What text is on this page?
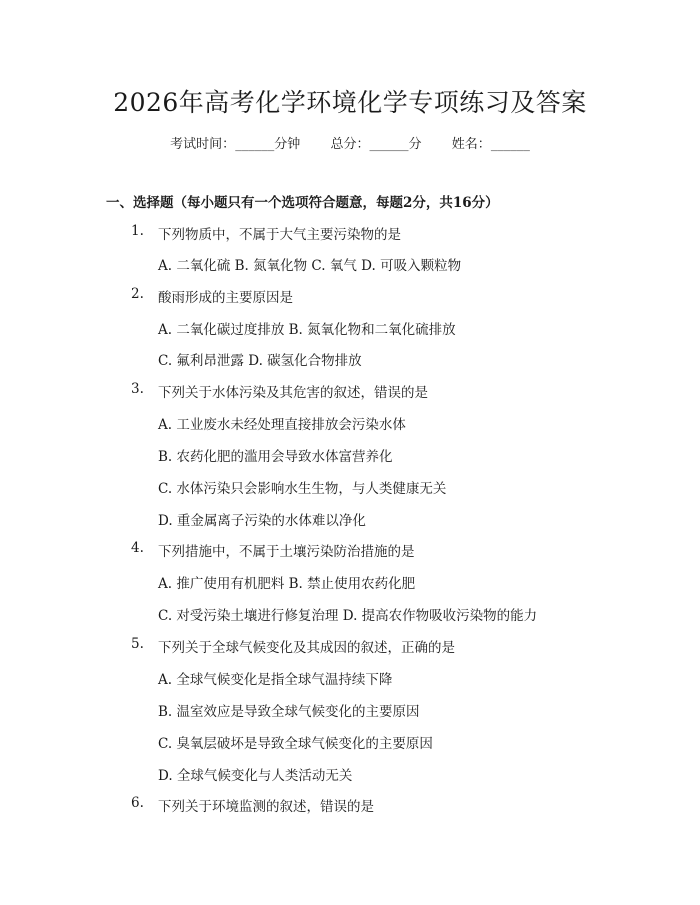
2026年高考化学环境化学专项练习及答案
考试时间：______分钟 总分：______分 姓名：______
一、选择题（每小题只有一个选项符合题意，每题2分，共16分）
1. 下列物质中，不属于大气主要污染物的是
A. 二氧化硫 B. 氮氧化物 C. 氧气 D. 可吸入颗粒物
2. 酸雨形成的主要原因是
A. 二氧化碳过度排放 B. 氮氧化物和二氧化硫排放
C. 氟利昂泄露 D. 碳氢化合物排放
3. 下列关于水体污染及其危害的叙述，错误的是
A. 工业废水未经处理直接排放会污染水体
B. 农药化肥的滥用会导致水体富营养化
C. 水体污染只会影响水生生物，与人类健康无关
D. 重金属离子污染的水体难以净化
4. 下列措施中，不属于土壤污染防治措施的是
A. 推广使用有机肥料 B. 禁止使用农药化肥
C. 对受污染土壤进行修复治理 D. 提高农作物吸收污染物的能力
5. 下列关于全球气候变化及其成因的叙述，正确的是
A. 全球气候变化是指全球气温持续下降
B. 温室效应是导致全球气候变化的主要原因
C. 臭氧层破坏是导致全球气候变化的主要原因
D. 全球气候变化与人类活动无关
6. 下列关于环境监测的叙述，错误的是
